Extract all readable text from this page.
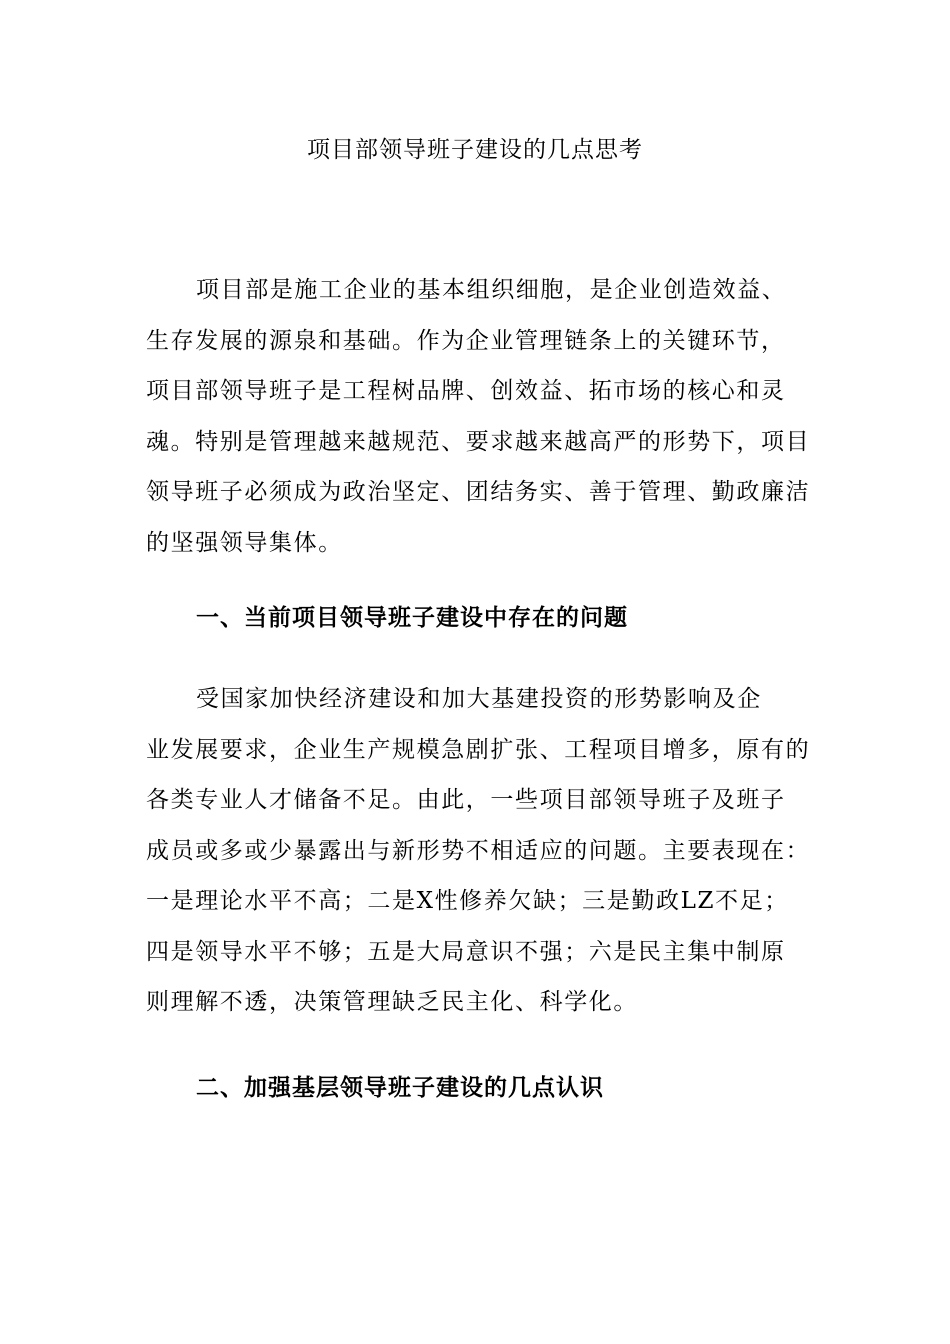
项目部领导班子建设的几点思考
项目部是施工企业的基本组织细胞，是企业创造效益、
生存发展的源泉和基础。作为企业管理链条上的关键环节，
项目部领导班子是工程树品牌、创效益、拓市场的核心和灵
魂。特别是管理越来越规范、要求越来越高严的形势下，项目
领导班子必须成为政治坚定、团结务实、善于管理、勤政廉洁
的坚强领导集体。
一、当前项目领导班子建设中存在的问题
受国家加快经济建设和加大基建投资的形势影响及企
业发展要求，企业生产规模急剧扩张、工程项目增多，原有的
各类专业人才储备不足。由此，一些项目部领导班子及班子
成员或多或少暴露出与新形势不相适应的问题。主要表现在：
一是理论水平不高；二是X性修养欠缺；三是勤政LZ不足；
四是领导水平不够；五是大局意识不强；六是民主集中制原
则理解不透，决策管理缺乏民主化、科学化。
二、加强基层领导班子建设的几点认识
